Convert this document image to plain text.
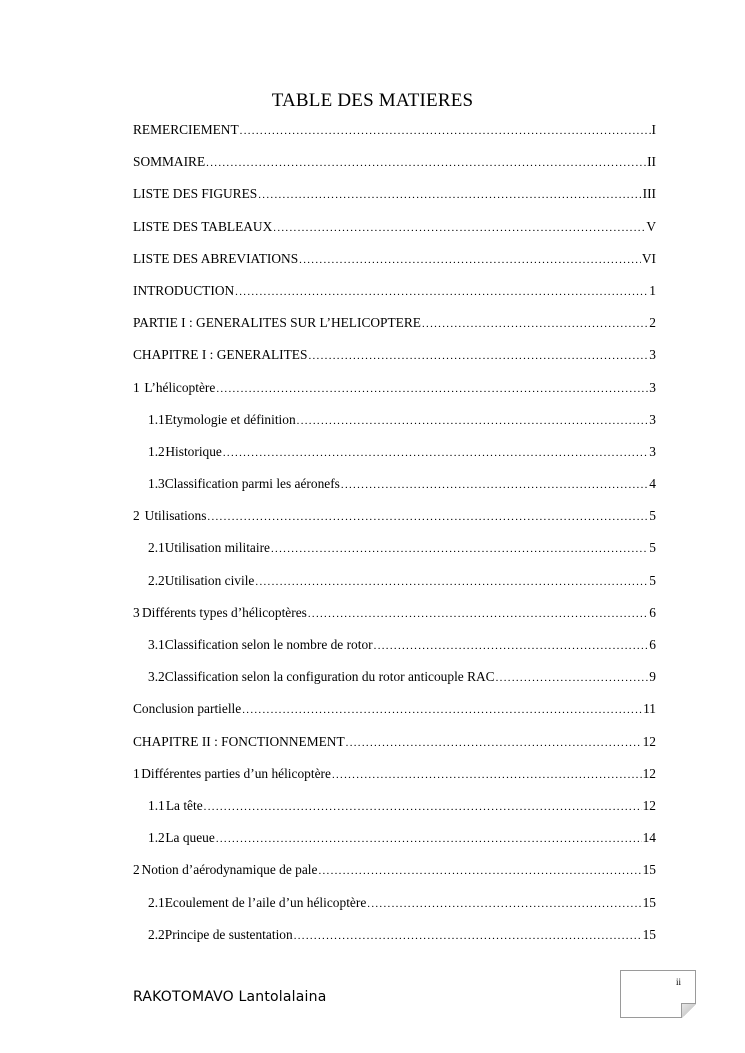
TABLE DES MATIERES
REMERCIEMENT .....	I
SOMMAIRE .....	II
LISTE DES FIGURES .....	III
LISTE DES TABLEAUX .....	V
LISTE DES ABREVIATIONS .....	VI
INTRODUCTION .....	1
PARTIE I : GENERALITES SUR L’HELICOPTERE .....	2
CHAPITRE I : GENERALITES .....	3
1 L’hélicoptère .....	3
1.1 Etymologie et définition .....	3
1.2 Historique .....	3
1.3 Classification parmi les aéronefs .....	4
2 Utilisations .....	5
2.1 Utilisation militaire .....	5
2.2 Utilisation civile .....	5
3 Différents types d’hélicoptères .....	6
3.1 Classification selon le nombre de rotor .....	6
3.2 Classification selon la configuration du rotor anticouple RAC .....	9
Conclusion partielle .....	11
CHAPITRE II : FONCTIONNEMENT .....	12
1 Différentes parties d’un hélicoptère .....	12
1.1 La tête .....	12
1.2 La queue .....	14
2 Notion d’aérodynamique de pale .....	15
2.1 Ecoulement de l’aile d’un hélicoptère .....	15
2.2 Principe de sustentation .....	15
RAKOTOMAVO Lantolalaina
ii
